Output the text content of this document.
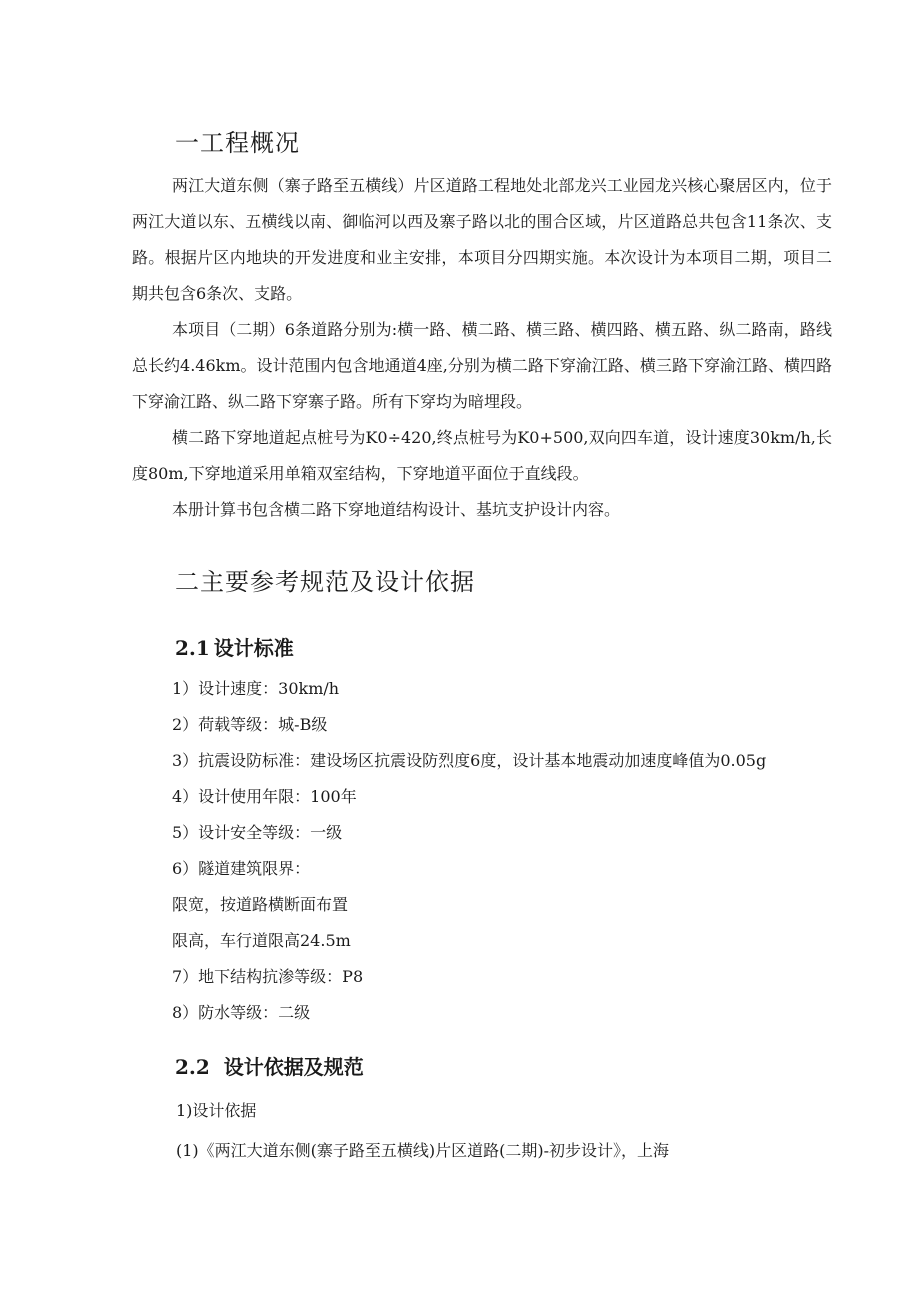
一工程概况

两江大道东侧（寨子路至五横线）片区道路工程地处北部龙兴工业园龙兴核心聚居区内，位于两江大道以东、五横线以南、御临河以西及寨子路以北的围合区域，片区道路总共包含11条次、支路。根据片区内地块的开发进度和业主安排，本项目分四期实施。本次设计为本项目二期，项目二期共包含6条次、支路。

本项目（二期）6条道路分别为:横一路、横二路、横三路、横四路、横五路、纵二路南，路线总长约4.46km。设计范围内包含地通道4座,分别为横二路下穿渝江路、横三路下穿渝江路、横四路下穿渝江路、纵二路下穿寨子路。所有下穿均为暗埋段。

横二路下穿地道起点桩号为K0÷420,终点桩号为K0+500,双向四车道，设计速度30km/h,长度80m,下穿地道采用单箱双室结构，下穿地道平面位于直线段。

本册计算书包含横二路下穿地道结构设计、基坑支护设计内容。

二主要参考规范及设计依据
2.1 设计标准

1）设计速度：30km/h

2）荷载等级：城-B级

3）抗震设防标准：建设场区抗震设防烈度6度，设计基本地震动加速度峰值为0.05g

4）设计使用年限：100年

5）设计安全等级：一级

6）隧道建筑限界：

限宽，按道路横断面布置

限高，车行道限高24.5m

7）地下结构抗渗等级：P8

8）防水等级：二级

2.2 设计依据及规范

1)设计依据

(1)《两江大道东侧(寨子路至五横线)片区道路(二期)-初步设计》，上海
